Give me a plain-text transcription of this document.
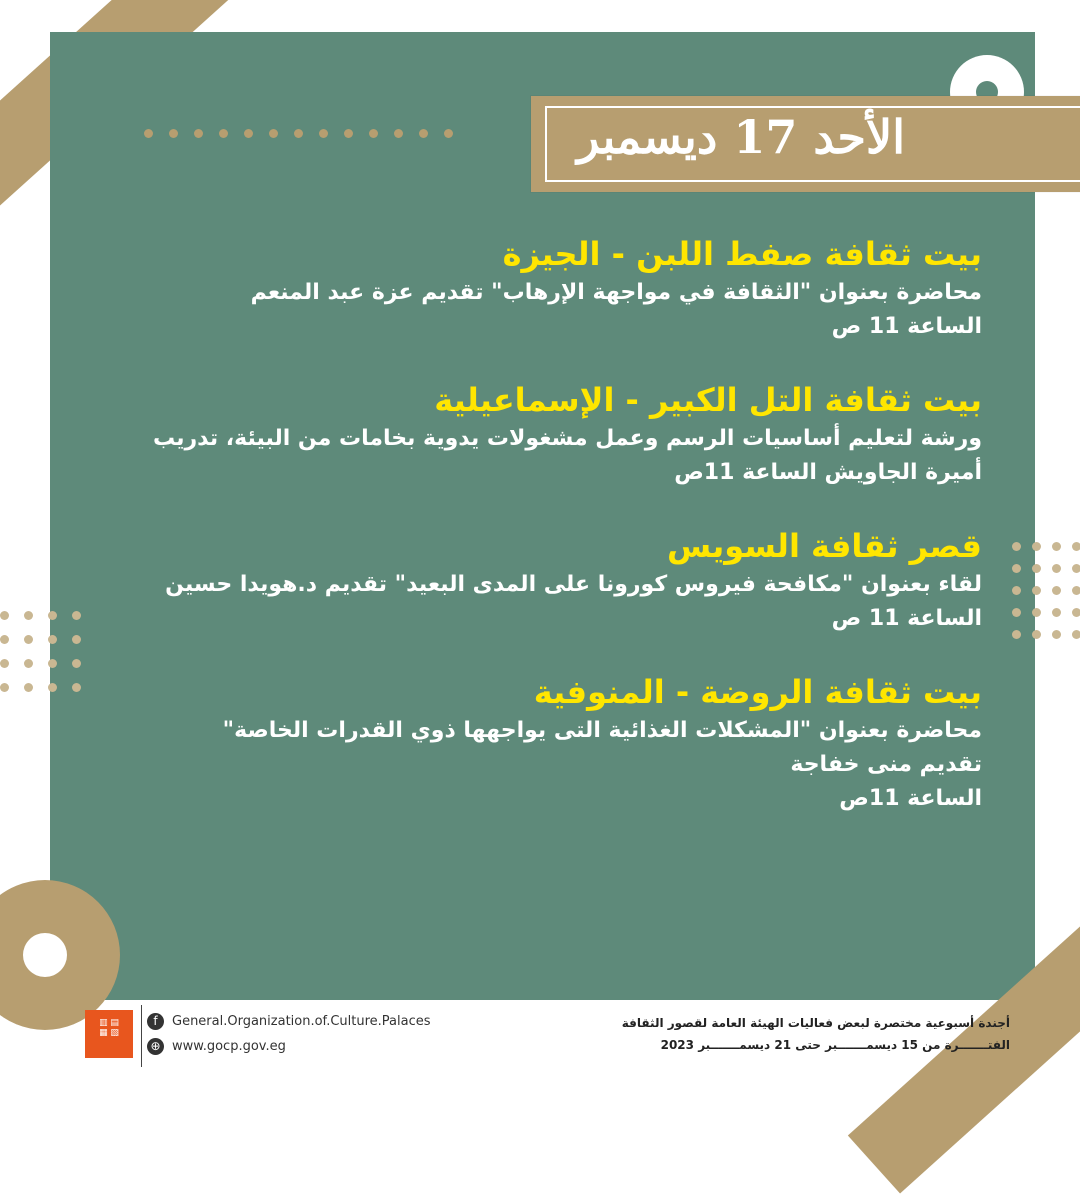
الأحد 17 ديسمبر
بيت ثقافة صفط اللبن - الجيزة
محاضرة بعنوان "الثقافة في مواجهة الإرهاب" تقديم عزة عبد المنعم
الساعة 11 ص
بيت ثقافة التل الكبير - الإسماعيلية
ورشة لتعليم أساسيات الرسم وعمل مشغولات يدوية بخامات من البيئة، تدريب
أميرة الجاويش الساعة 11ص
قصر ثقافة السويس
لقاء بعنوان "مكافحة فيروس كورونا على المدى البعيد" تقديم د.هويدا حسين
الساعة 11 ص
بيت ثقافة الروضة - المنوفية
محاضرة بعنوان "المشكلات الغذائية التى يواجهها ذوي القدرات الخاصة"
تقديم منى خفاجة
الساعة 11ص
▥ ▤
▦ ▧
f General.Organization.of.Culture.Palaces
⊕ www.gocp.gov.eg
أجندة أسبوعية مختصرة لبعض فعاليات الهيئة العامة لقصور الثقافة
الفتـــــــرة من 15 ديسمـــــــبر حتى 21 ديسمـــــــبر 2023
